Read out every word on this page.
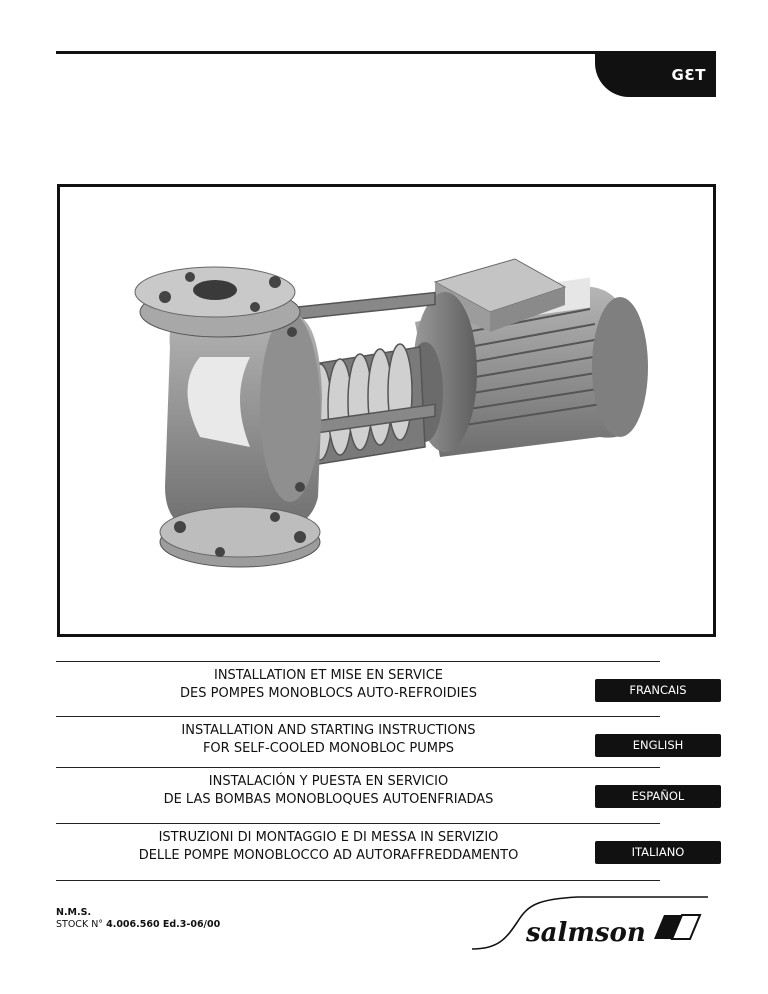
GƐT
INSTALLATION ET MISE EN SERVICE
DES POMPES MONOBLOCS AUTO-REFROIDIES	FRANCAIS
INSTALLATION AND STARTING INSTRUCTIONS
FOR SELF-COOLED MONOBLOC PUMPS	ENGLISH
INSTALACIÓN Y PUESTA EN SERVICIO
DE LAS BOMBAS MONOBLOQUES AUTOENFRIADAS	ESPAÑOL
ISTRUZIONI DI MONTAGGIO E DI MESSA IN SERVIZIO
DELLE POMPE MONOBLOCCO AD AUTORAFFREDDAMENTO	ITALIANO
N.M.S.
STOCK N° 4.006.560 Ed.3-06/00	salmson
